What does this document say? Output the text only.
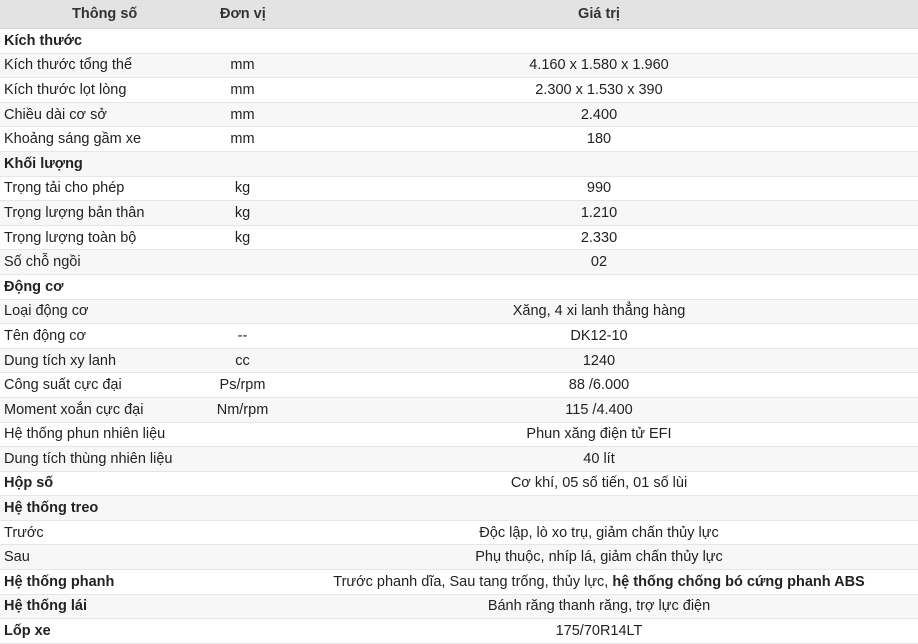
Thông số	Đơn vị	Giá trị
Kích thước		
Kích thước tổng thể	mm	4.160 x 1.580 x 1.960
Kích thước lọt lòng	mm	2.300 x 1.530 x 390
Chiều dài cơ sở	mm	2.400
Khoảng sáng gầm xe	mm	180
Khối lượng		
Trọng tải cho phép	kg	990
Trọng lượng bản thân	kg	1.210
Trọng lượng toàn bộ	kg	2.330
Số chỗ ngồi		02
Động cơ		
Loại động cơ		Xăng, 4 xi lanh thẳng hàng
Tên động cơ	--	DK12-10
Dung tích xy lanh	cc	1240
Công suất cực đại	Ps/rpm	88 /6.000
Moment xoắn cực đại	Nm/rpm	115 /4.400
Hệ thống phun nhiên liệu		Phun xăng điện tử EFI
Dung tích thùng nhiên liệu		40 lít
Hộp số		Cơ khí, 05 số tiến, 01 số lùi
Hệ thống treo		
Trước		Độc lập, lò xo trụ, giảm chấn thủy lực
Sau		Phụ thuộc, nhíp lá, giảm chấn thủy lực
Hệ thống phanh		Trước phanh dĩa, Sau tang trống, thủy lực, hệ thống chống bó cứng phanh ABS
Hệ thống lái		Bánh răng thanh răng, trợ lực điện
Lốp xe		175/70R14LT
